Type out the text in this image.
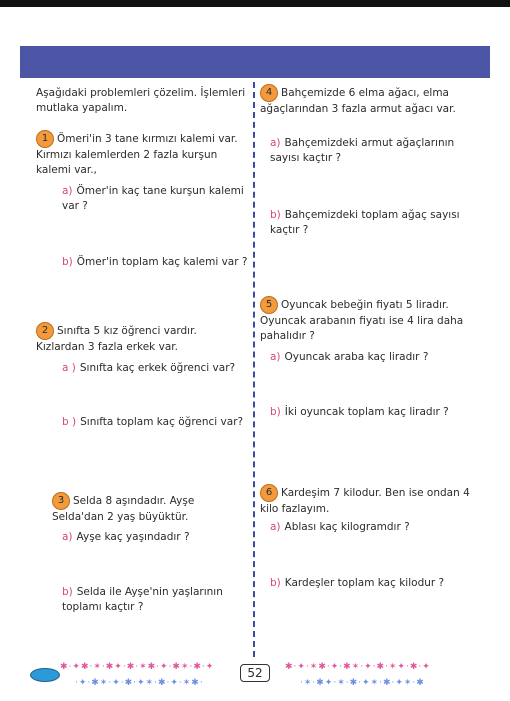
Aşağıdaki problemleri çözelim. İşlemleri mutlaka yapalım.
1 Ömeri'in 3 tane kırmızı kalemi var. Kırmızı kalemlerden 2 fazla kurşun kalemi var.,
a) Ömer'in kaç tane kurşun kalemi var ?
b) Ömer'in toplam kaç kalemi var ?
2 Sınıfta 5 kız öğrenci vardır. Kızlardan 3 fazla erkek var.
a ) Sınıfta kaç erkek öğrenci var?
b ) Sınıfta toplam kaç öğrenci var?
3 Selda 8 aşındadır. Ayşe Selda'dan 2 yaş büyüktür.
a) Ayşe kaç yaşındadır ?
b) Selda ile Ayşe'nin yaşlarının toplamı kaçtır ?
4 Bahçemizde 6 elma ağacı, elma ağaçlarından 3 fazla armut ağacı var.
a) Bahçemizdeki armut ağaçlarının sayısı kaçtır ?
b) Bahçemizdeki toplam ağaç sayısı kaçtır ?
5 Oyuncak bebeğin fiyatı 5 liradır. Oyuncak arabanın fiyatı ise 4 lira daha pahalıdır ?
a) Oyuncak araba kaç liradır ?
b) İki oyuncak toplam kaç liradır ?
6 Kardeşim 7 kilodur. Ben ise ondan 4 kilo fazlayım.
a) Ablası kaç kilogramdır ?
b) Kardeşler toplam kaç kilodur ?
✱·✦✱·✶·✱✦·✱·✶✱·✦·✱✶·✱·✦
·✦·✱✶·✦·✱·✦✶·✱·✦·✶✱·
52	✱·✦·✶✱·✦·✱✶·✦·✱·✶✦·✱·✦
·✶·✱✦·✶·✱·✦✶·✱·✦✶·✱
